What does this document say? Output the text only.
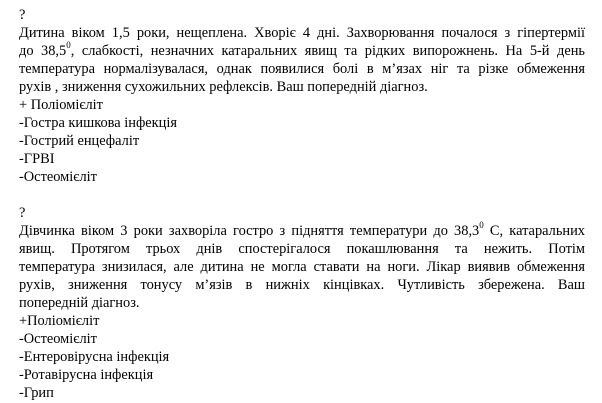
?
Дитина віком 1,5 роки, нещеплена. Хворіє 4 дні. Захворювання почалося з гіпертермії
до 38,5$^0$, слабкості, незначних катаральних явищ та рідких випорожнень. На 5-й день
температура нормалізувалася, однак появилися болі в м’язах ніг та різке обмеження
рухів , зниження сухожильних рефлексів. Ваш попередній діагноз.
+ Поліомієліт
-Гостра кишкова інфекція
-Гострий енцефаліт
-ГРВІ
-Остеомієліт
?
Дівчинка віком 3 роки захворіла гостро з підняття температури до 38,3$^0$ С, катаральних
явищ. Протягом трьох днів спостерігалося покашлювання та нежить. Потім
температура знизилася, але дитина не могла ставати на ноги. Лікар виявив обмеження
рухів, зниження тонусу м’язів в нижніх кінцівках. Чутливість збережена. Ваш
попередній діагноз.
+Поліомієліт
-Остеомієліт
-Ентеровірусна інфекція
-Ротавірусна інфекція
-Грип
